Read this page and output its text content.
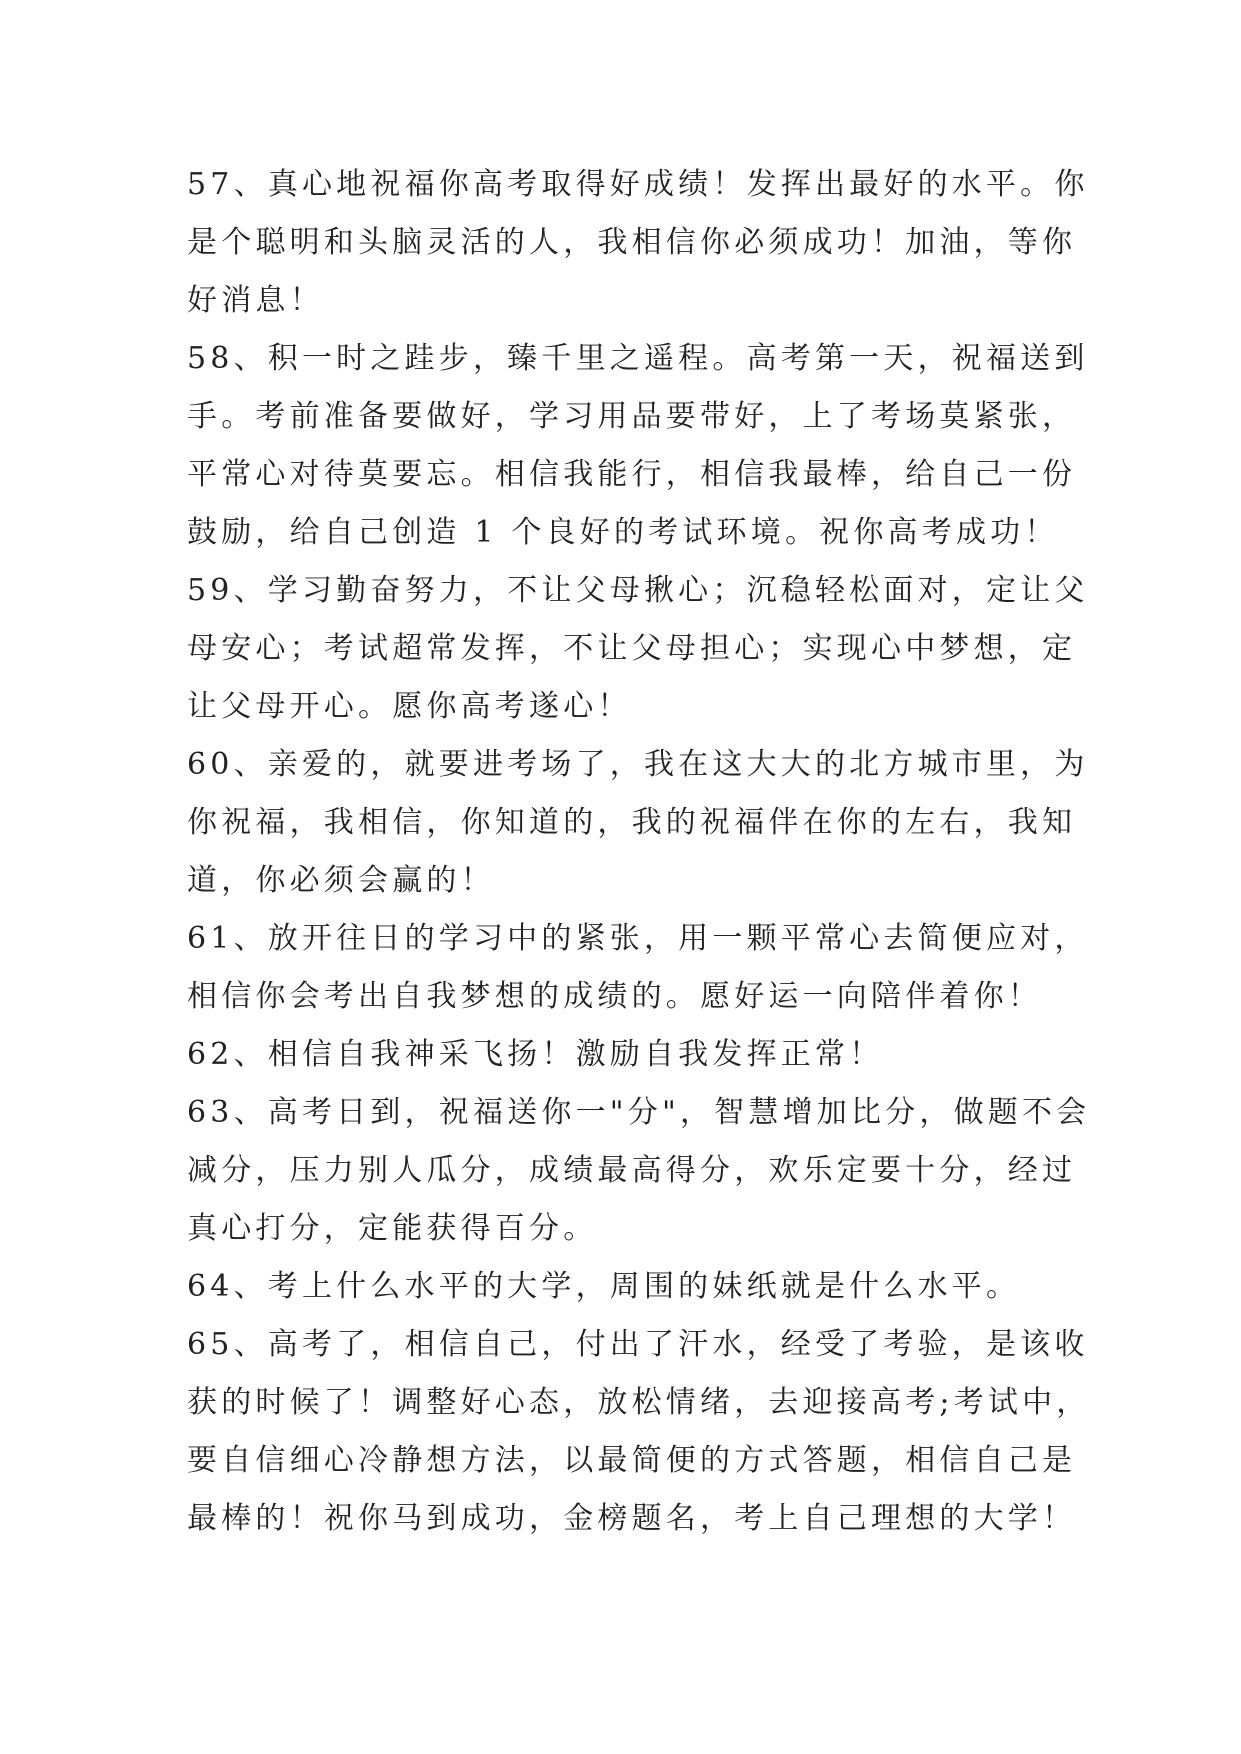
57、真心地祝福你高考取得好成绩！发挥出最好的水平。你
是个聪明和头脑灵活的人，我相信你必须成功！加油，等你
好消息！
58、积一时之跬步，臻千里之遥程。高考第一天，祝福送到
手。考前准备要做好，学习用品要带好，上了考场莫紧张，
平常心对待莫要忘。相信我能行，相信我最棒，给自己一份
鼓励，给自己创造 1 个良好的考试环境。祝你高考成功！
59、学习勤奋努力，不让父母揪心；沉稳轻松面对，定让父
母安心；考试超常发挥，不让父母担心；实现心中梦想，定
让父母开心。愿你高考遂心！
60、亲爱的，就要进考场了，我在这大大的北方城市里，为
你祝福，我相信，你知道的，我的祝福伴在你的左右，我知
道，你必须会赢的！
61、放开往日的学习中的紧张，用一颗平常心去简便应对，
相信你会考出自我梦想的成绩的。愿好运一向陪伴着你！
62、相信自我神采飞扬！激励自我发挥正常！
63、高考日到，祝福送你一"分"，智慧增加比分，做题不会
减分，压力别人瓜分，成绩最高得分，欢乐定要十分，经过
真心打分，定能获得百分。
64、考上什么水平的大学，周围的妹纸就是什么水平。
65、高考了，相信自己，付出了汗水，经受了考验，是该收
获的时候了！调整好心态，放松情绪，去迎接高考;考试中，
要自信细心冷静想方法，以最简便的方式答题，相信自己是
最棒的！祝你马到成功，金榜题名，考上自己理想的大学！
